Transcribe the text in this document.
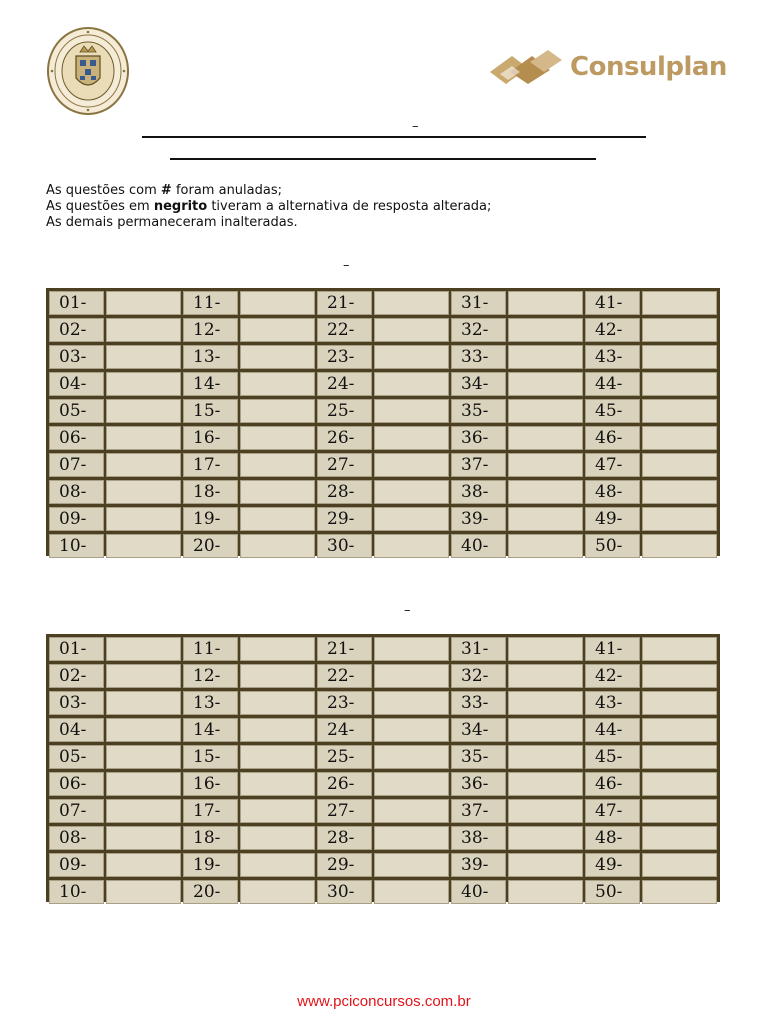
Consulplan
–
As questões com # foram anuladas;
As questões em negrito tiveram a alternativa de resposta alterada;
As demais permaneceram inalteradas.
–
01-
02-
03-
04-
05-
06-
07-
08-
09-
10-
11-
12-
13-
14-
15-
16-
17-
18-
19-
20-
21-
22-
23-
24-
25-
26-
27-
28-
29-
30-
31-
32-
33-
34-
35-
36-
37-
38-
39-
40-
41-
42-
43-
44-
45-
46-
47-
48-
49-
50-
–
01-
02-
03-
04-
05-
06-
07-
08-
09-
10-
11-
12-
13-
14-
15-
16-
17-
18-
19-
20-
21-
22-
23-
24-
25-
26-
27-
28-
29-
30-
31-
32-
33-
34-
35-
36-
37-
38-
39-
40-
41-
42-
43-
44-
45-
46-
47-
48-
49-
50-
www.pciconcursos.com.br
